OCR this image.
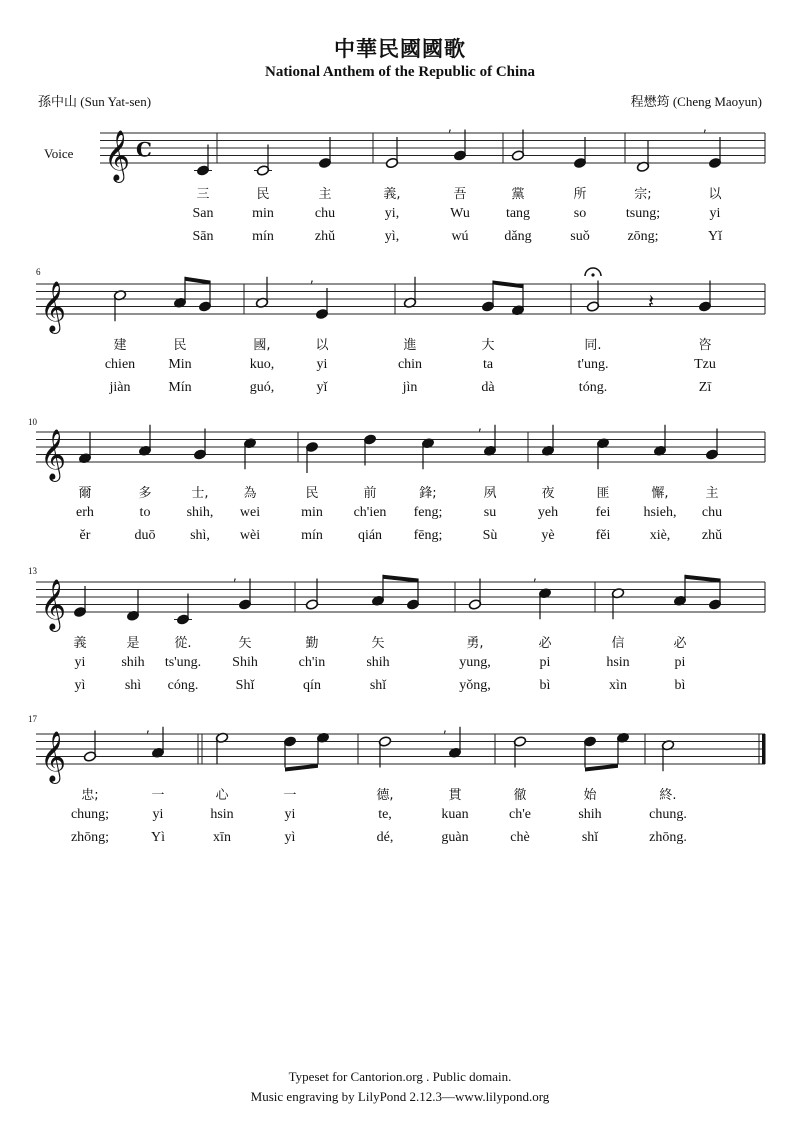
中華民國國歌
National Anthem of the Republic of China
孫中山 (Sun Yat-sen)	程懋筠 (Cheng Maoyun)
Voice
6
10
13
17
𝄞 C
,	,
𝄞
,
𝄽
𝄞
,
𝄞
,	,
𝄞
,	,
三	民	主	義,	吾	黨	所	宗;	以
San	min	chu	yi,	Wu	tang	so	tsung;	yi
Sān	mín	zhǔ	yì,	wú	dǎng	suǒ	zōng;	Yǐ
建	民	國,	以	進	大	同.	咨
chien Min	kuo,	yi	chin	ta	t'ung.	Tzu
jiàn	Mín	guó,	yǐ	jìn	dà	tóng.	Zī
爾	多	士,	為	民	前	鋒;	夙	夜	匪	懈,	主
erh	to	shih, wei	min ch'ien feng;	su	yeh	fei hsieh, chu
ěr	duō shì, wèi	mín	qián fēng;	Sù	yè	fěi	xiè, zhǔ
義	是	從.	矢	勤	矢	勇,	必	信	必
yi	shih ts'ung. Shih	ch'in	shih	yung,	pi	hsin	pi
yì	shì cóng.	Shǐ	qín	shǐ	yǒng,	bì	xìn	bì
忠;	一	心	一	德,	貫	徹	始	終.
chung;	yi	hsin	yi	te,	kuan	ch'e	shih	chung.
zhōng;	Yì	xīn	yì	dé,	guàn	chè	shǐ	zhōng.
Typeset for Cantorion.org . Public domain.
Music engraving by LilyPond 2.12.3—www.lilypond.org
